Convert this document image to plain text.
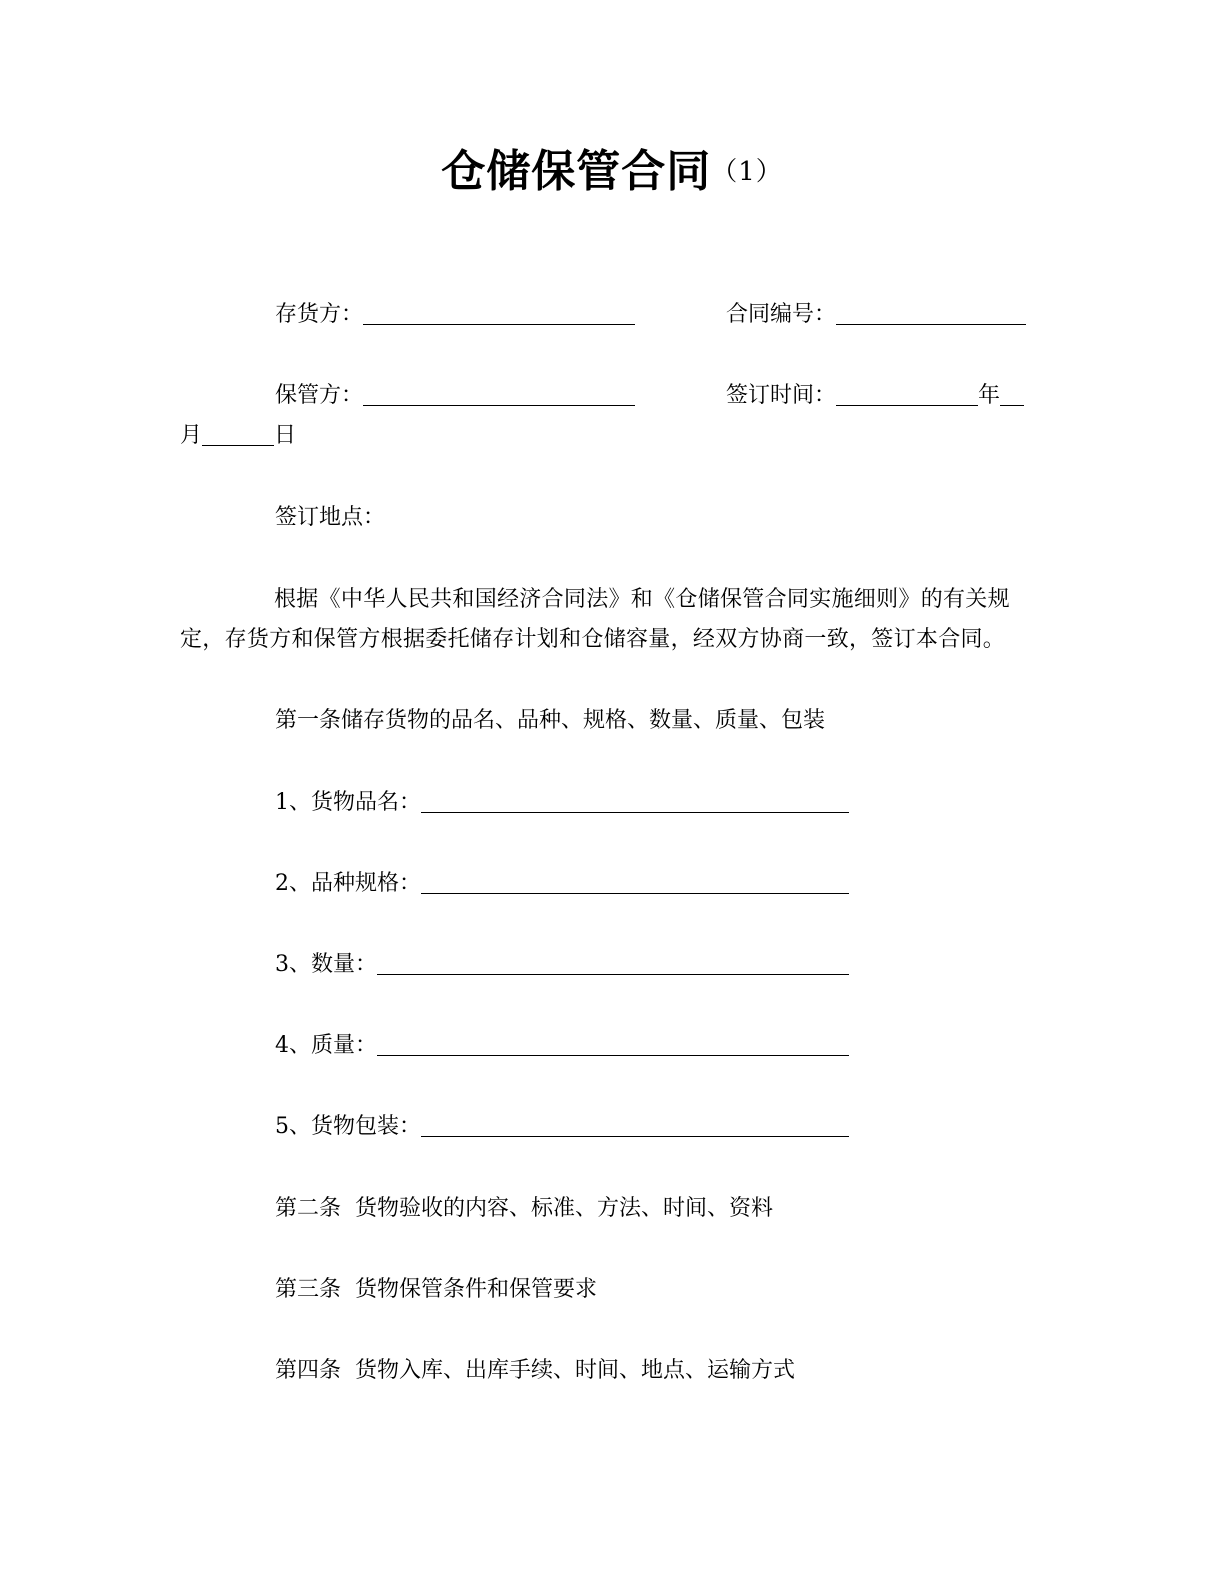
仓储保管合同（1）
存货方：	合同编号：
保管方：	签订时间：	年
月	日
签订地点：
根据《中华人民共和国经济合同法》和《仓储保管合同实施细则》的有关规定，存货方和保管方根据委托储存计划和仓储容量，经双方协商一致，签订本合同。
第一条储存货物的品名、品种、规格、数量、质量、包装
1、货物品名：
2、品种规格：
3、数量：
4、质量：
5、货物包装：
第二条  货物验收的内容、标准、方法、时间、资料
第三条  货物保管条件和保管要求
第四条  货物入库、出库手续、时间、地点、运输方式
